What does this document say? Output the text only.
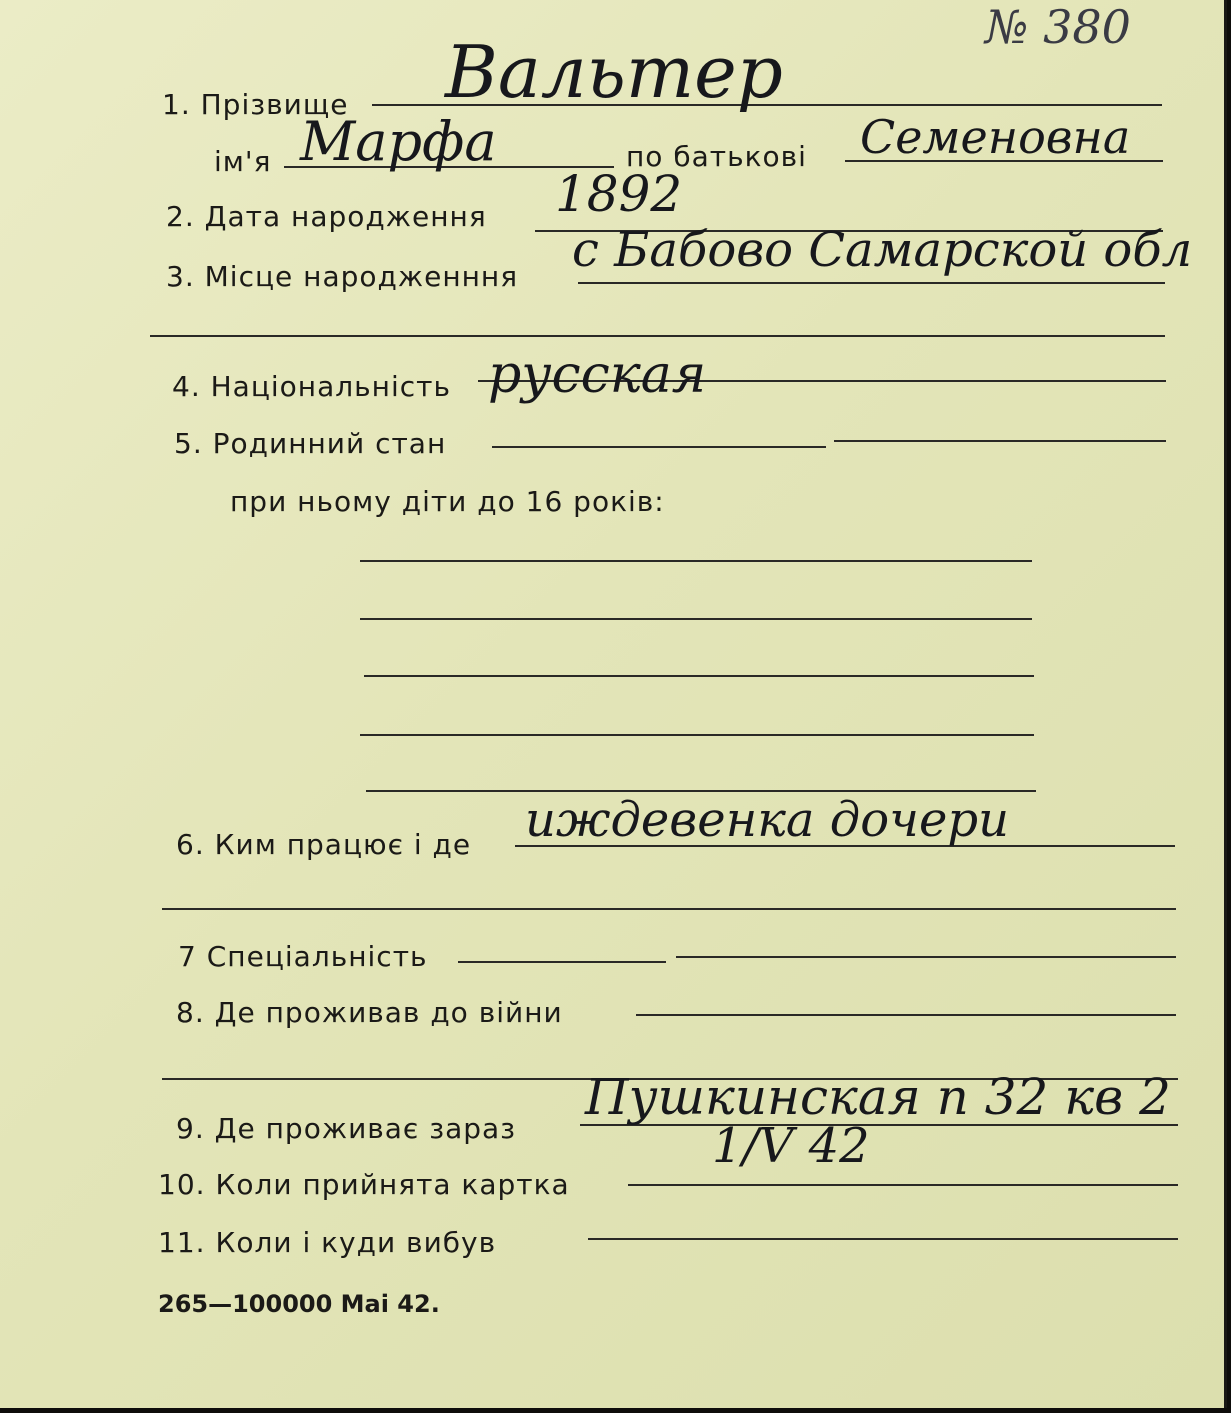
№ 380
1. Прізвище Вальтер
ім'я Марфа	по батькові Семеновна
2. Дата народження 1892
3. Місце народженння с Бабово Самарской обл
4. Національність русская
5. Родинний стан
при ньому діти до 16 років:
6. Ким працює і де иждевенка дочери
7 Спеціальність
8. Де проживав до війни
9. Де проживає зараз
Пушкинская п 32 кв 2
10. Коли прийнята картка
1/V 42
11. Коли і куди вибув
265—100000 Маі 42.
